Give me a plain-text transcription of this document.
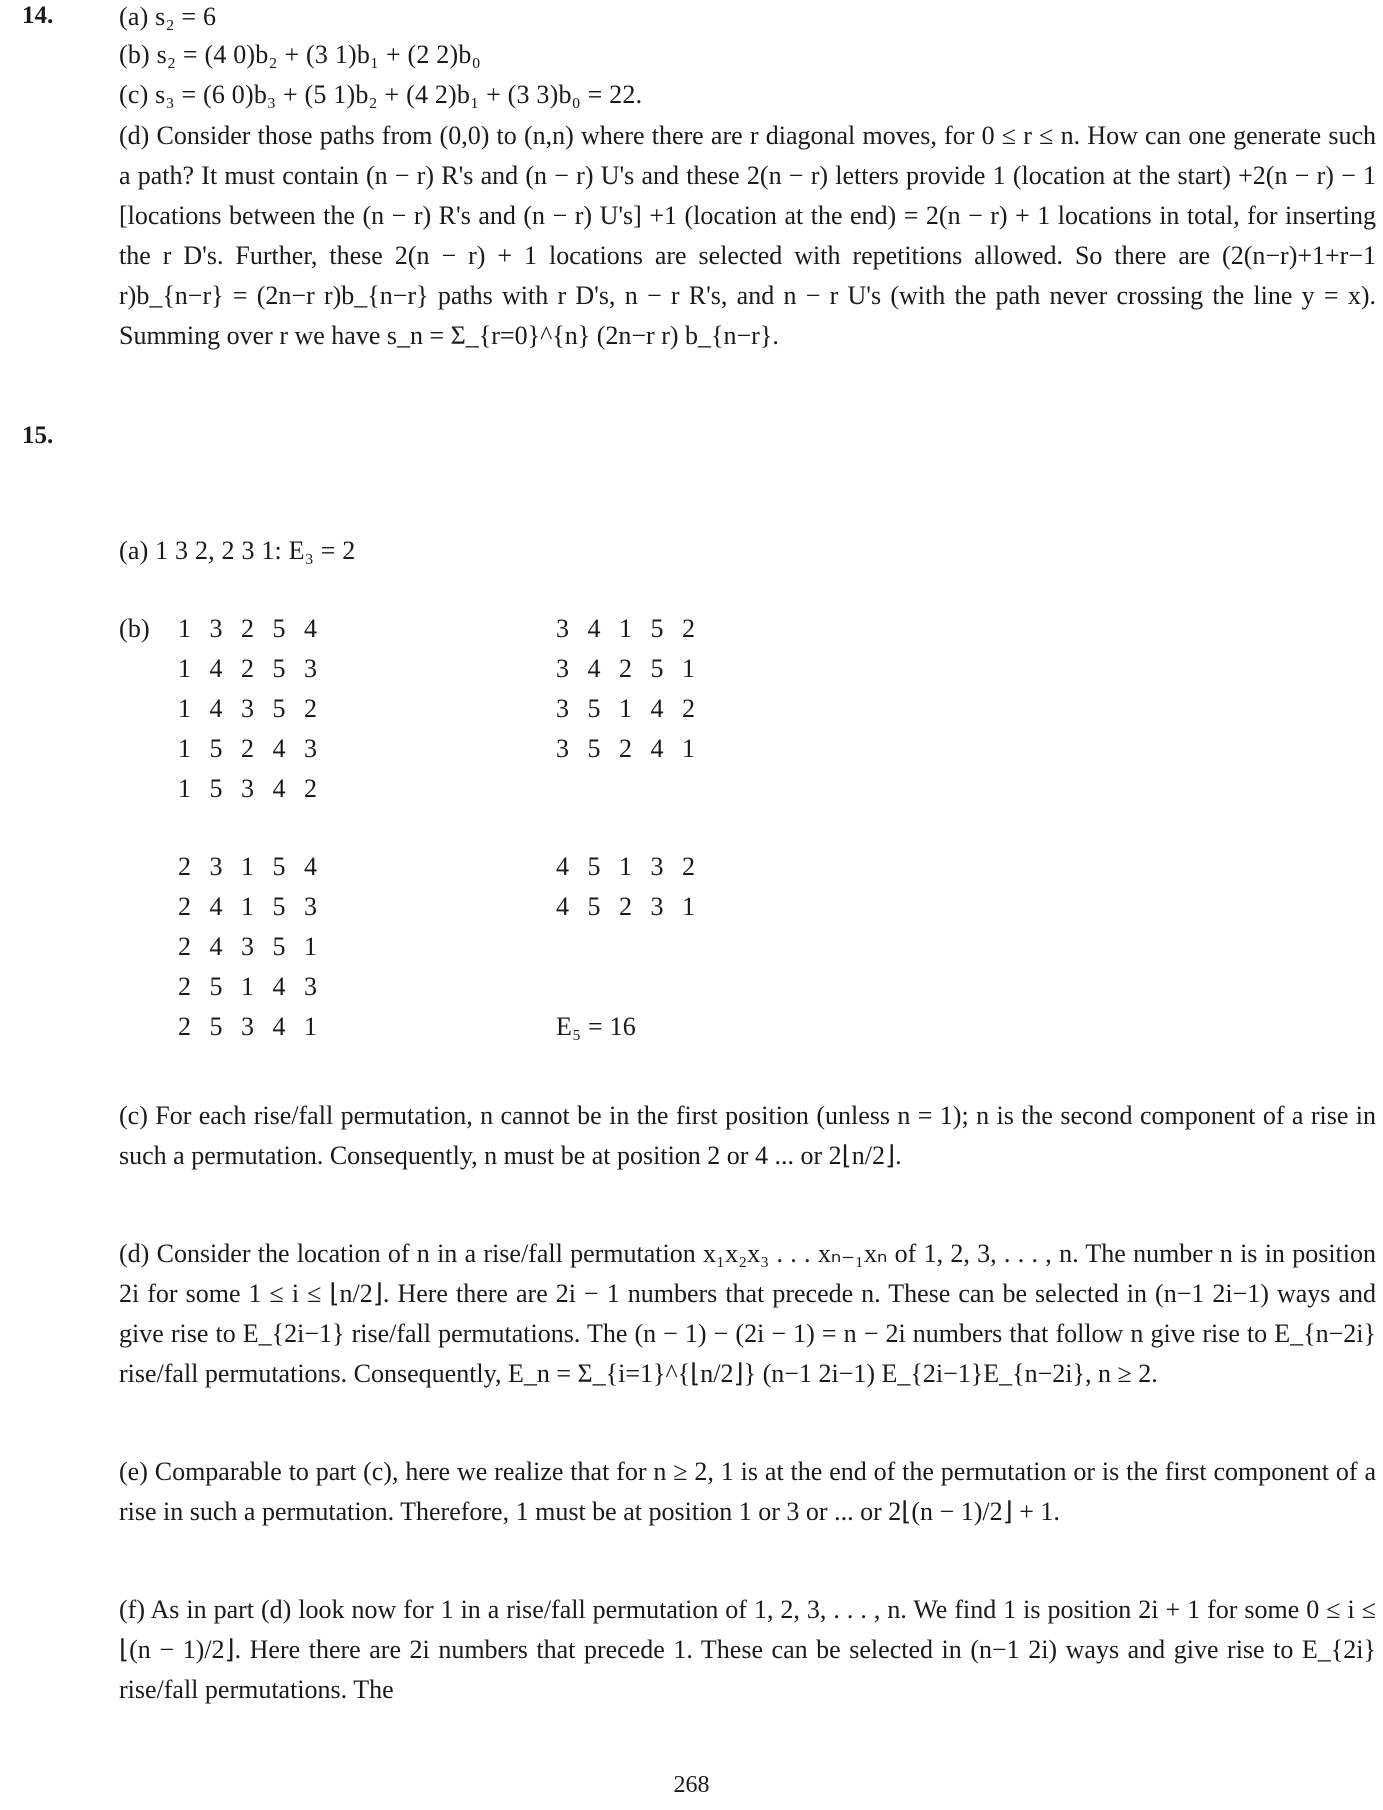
14.	(a) s₂ = 6
(b) s₂ = (4 0)b₂ + (3 1)b₁ + (2 2)b₀
(c) s₃ = (6 0)b₃ + (5 1)b₂ + (4 2)b₁ + (3 3)b₀ = 22.
(d) Consider those paths from (0,0) to (n,n) where there are r diagonal moves, for 0 ≤ r ≤ n. How can one generate such a path? It must contain (n − r) R's and (n − r) U's and these 2(n − r) letters provide 1 (location at the start) +2(n − r) − 1 [locations between the (n − r) R's and (n − r) U's] +1 (location at the end) = 2(n − r) + 1 locations in total, for inserting the r D's. Further, these 2(n − r) + 1 locations are selected with repetitions allowed. So there are (2(n−r)+1+r−1 r)b_{n−r} = (2n−r r)b_{n−r} paths with r D's, n − r R's, and n − r U's (with the path never crossing the line y = x). Summing over r we have s_n = Σ_{r=0}^{n} (2n−r r) b_{n−r}.
15.
(a) 1 3 2, 2 3 1: E₃ = 2
(b) 1 3 2 5 4
1 4 2 5 3
1 4 3 5 2
1 5 2 4 3
1 5 3 4 2
3 4 1 5 2
3 4 2 5 1
3 5 1 4 2
3 5 2 4 1
2 3 1 5 4
2 4 1 5 3
2 4 3 5 1
2 5 1 4 3
2 5 3 4 1
4 5 1 3 2
4 5 2 3 1
E₅ = 16
(c) For each rise/fall permutation, n cannot be in the first position (unless n = 1); n is the second component of a rise in such a permutation. Consequently, n must be at position 2 or 4 ... or 2⌊n/2⌋.
(d) Consider the location of n in a rise/fall permutation x₁x₂x₃ . . . xₙ₋₁xₙ of 1, 2, 3, . . . , n. The number n is in position 2i for some 1 ≤ i ≤ ⌊n/2⌋. Here there are 2i − 1 numbers that precede n. These can be selected in (n−1 2i−1) ways and give rise to E_{2i−1} rise/fall permutations. The (n − 1) − (2i − 1) = n − 2i numbers that follow n give rise to E_{n−2i} rise/fall permutations. Consequently, E_n = Σ_{i=1}^{⌊n/2⌋} (n−1 2i−1) E_{2i−1}E_{n−2i}, n ≥ 2.
(e) Comparable to part (c), here we realize that for n ≥ 2, 1 is at the end of the permutation or is the first component of a rise in such a permutation. Therefore, 1 must be at position 1 or 3 or ... or 2⌊(n − 1)/2⌋ + 1.
(f) As in part (d) look now for 1 in a rise/fall permutation of 1, 2, 3, . . . , n. We find 1 is position 2i + 1 for some 0 ≤ i ≤ ⌊(n − 1)/2⌋. Here there are 2i numbers that precede 1. These can be selected in (n−1 2i) ways and give rise to E_{2i} rise/fall permutations. The
268
